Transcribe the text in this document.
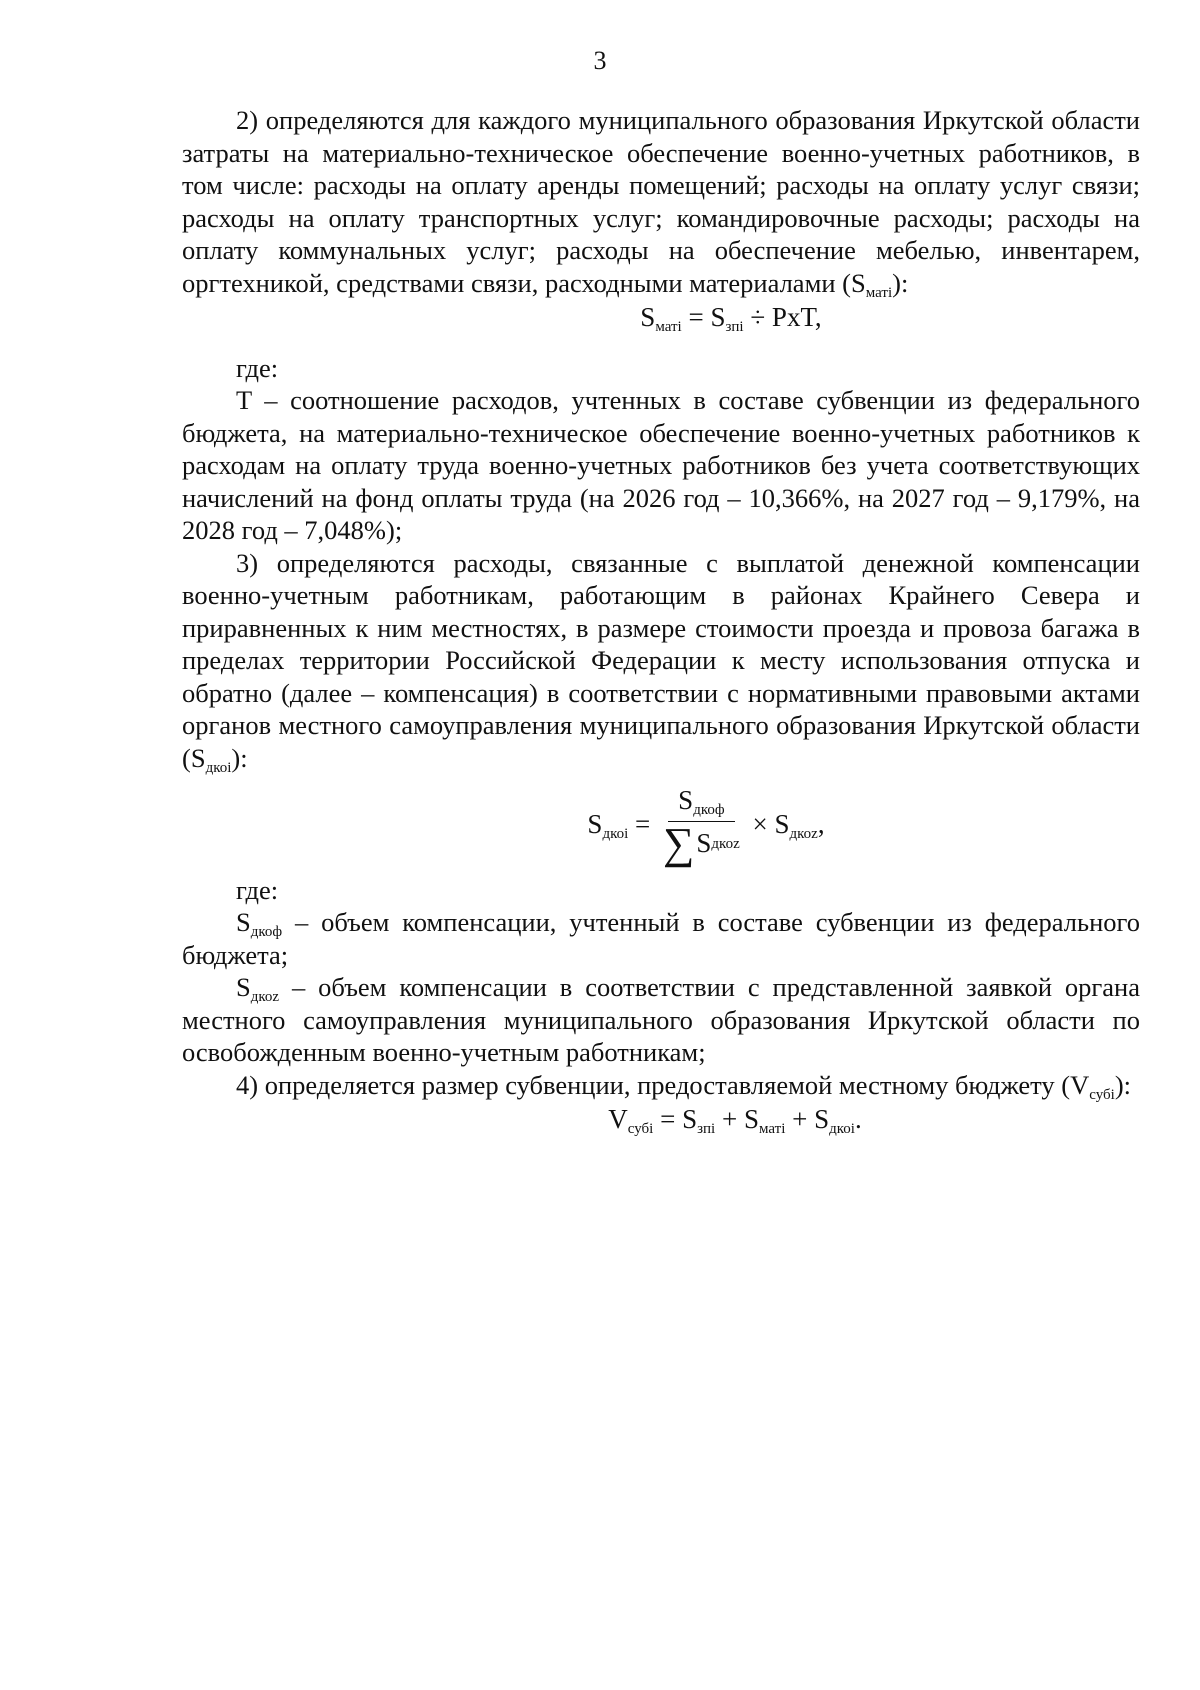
3

2) определяются для каждого муниципального образования Иркутской области затраты на материально-техническое обеспечение военно-учетных работников, в том числе: расходы на оплату аренды помещений; расходы на оплату услуг связи; расходы на оплату транспортных услуг; командировочные расходы; расходы на оплату коммунальных услуг; расходы на обеспечение мебелью, инвентарем, оргтехникой, средствами связи, расходными материалами $(S_{матi})$:

$S_{матi} = S_{зпi}$ ÷ PxT,

где:

T – соотношение расходов, учтенных в составе субвенции из федерального бюджета, на материально-техническое обеспечение военно-учетных работников к расходам на оплату труда военно-учетных работников без учета соответствующих начислений на фонд оплаты труда (на 2026 год – 10,366%, на 2027 год – 9,179%, на 2028 год – 7,048%);

3) определяются расходы, связанные с выплатой денежной компенсации военно-учетным работникам, работающим в районах Крайнего Севера и приравненных к ним местностях, в размере стоимости проезда и провоза багажа в пределах территории Российской Федерации к месту использования отпуска и обратно (далее – компенсация) в соответствии с нормативными правовыми актами органов местного самоуправления муниципального образования Иркутской области $(S_{дкоi})$:

$S_{дкоi} = \frac{S_{дкоф}}{\text{∑ S дкоz}} \times S_{дкоz}$,

где:

$S_{дкоф}$ – объем компенсации, учтенный в составе субвенции из федерального бюджета;

$S_{дкоz}$ – объем компенсации в соответствии с представленной заявкой органа местного самоуправления муниципального образования Иркутской области по освобожденным военно-учетным работникам;

4) определяется размер субвенции, предоставляемой местному бюджету $(V_{субi})$:

$V_{субi} = S_{зпi} + S_{матi} + S_{дкоi}$.
